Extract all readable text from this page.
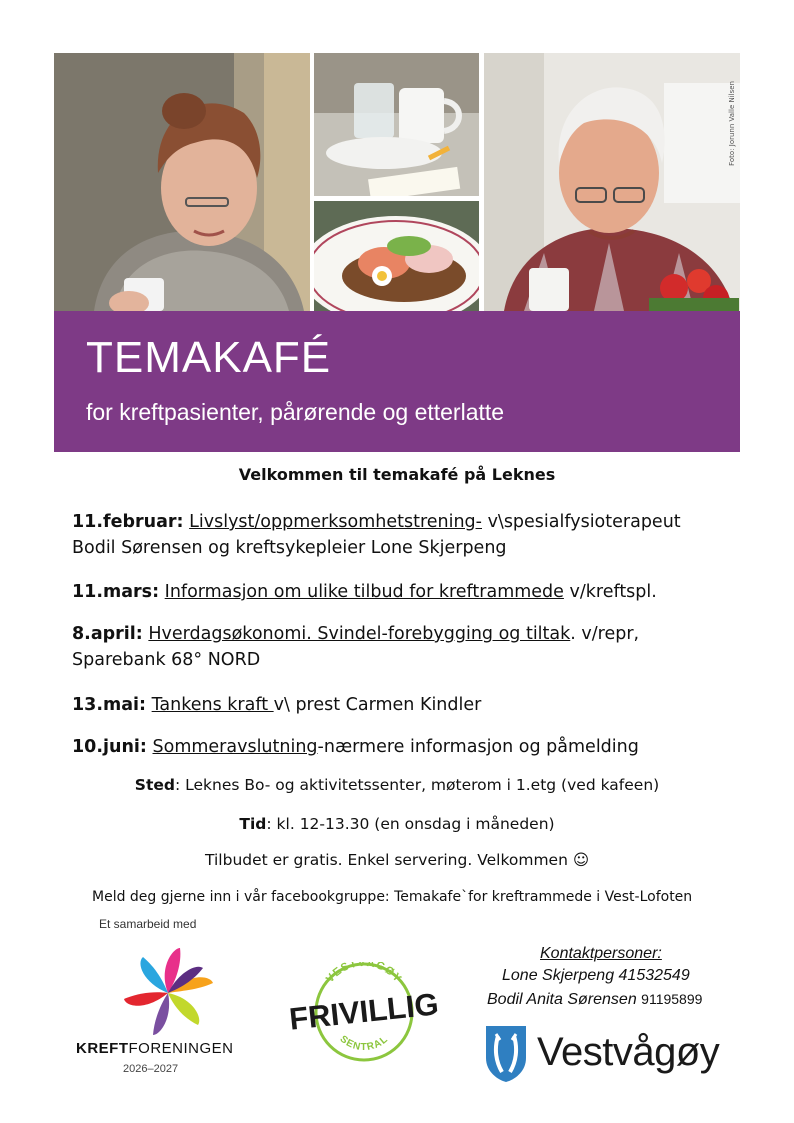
Foto: Jorunn Valle Nilsen
TEMAKAFÉ
for kreftpasienter, pårørende og etterlatte
Velkommen til temakafé på Leknes
11.februar: Livslyst/oppmerksomhetstrening- v\spesialfysioterapeut
Bodil Sørensen og kreftsykepleier Lone Skjerpeng
11.mars: Informasjon om ulike tilbud for kreftrammede v/kreftspl.
8.april: Hverdagsøkonomi. Svindel-forebygging og tiltak. v/repr,
Sparebank 68° NORD
13.mai: Tankens kraft v\ prest Carmen Kindler
10.juni: Sommeravslutning-nærmere informasjon og påmelding
Sted: Leknes Bo- og aktivitetssenter, møterom i 1.etg (ved kafeen)
Tid: kl. 12-13.30 (en onsdag i måneden)
Tilbudet er gratis. Enkel servering. Velkommen ☺
Meld deg gjerne inn i vår facebookgruppe: Temakafe`for kreftrammede i Vest-Lofoten
Et samarbeid med
KREFTFORENINGEN
2026–2027
VESTVÅGØY
SENTRAL
FRIVILLIG
Kontaktpersoner:
Lone Skjerpeng 41532549
Bodil Anita Sørensen 91195899
Vestvågøy
